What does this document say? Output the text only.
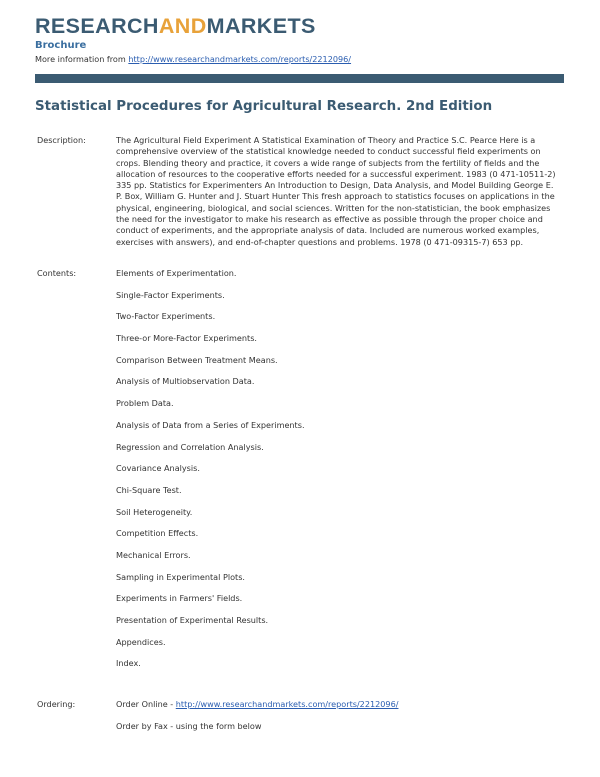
RESEARCHANDMARKETS
Brochure
More information from http://www.researchandmarkets.com/reports/2212096/
Statistical Procedures for Agricultural Research. 2nd Edition
Description:	The Agricultural Field Experiment A Statistical Examination of Theory and Practice S.C. Pearce Here is a comprehensive overview of the statistical knowledge needed to conduct successful field experiments on crops. Blending theory and practice, it covers a wide range of subjects from the fertility of fields and the allocation of resources to the cooperative efforts needed for a successful experiment. 1983 (0 471-10511-2) 335 pp. Statistics for Experimenters An Introduction to Design, Data Analysis, and Model Building George E. P. Box, William G. Hunter and J. Stuart Hunter This fresh approach to statistics focuses on applications in the physical, engineering, biological, and social sciences. Written for the non-statistician, the book emphasizes the need for the investigator to make his research as effective as possible through the proper choice and conduct of experiments, and the appropriate analysis of data. Included are numerous worked examples, exercises with answers), and end-of-chapter questions and problems. 1978 (0 471-09315-7) 653 pp.
Contents:	Elements of Experimentation.
Single-Factor Experiments.
Two-Factor Experiments.
Three-or More-Factor Experiments.
Comparison Between Treatment Means.
Analysis of Multiobservation Data.
Problem Data.
Analysis of Data from a Series of Experiments.
Regression and Correlation Analysis.
Covariance Analysis.
Chi-Square Test.
Soil Heterogeneity.
Competition Effects.
Mechanical Errors.
Sampling in Experimental Plots.
Experiments in Farmers' Fields.
Presentation of Experimental Results.
Appendices.
Index.
Ordering:	Order Online - http://www.researchandmarkets.com/reports/2212096/
Order by Fax - using the form below
